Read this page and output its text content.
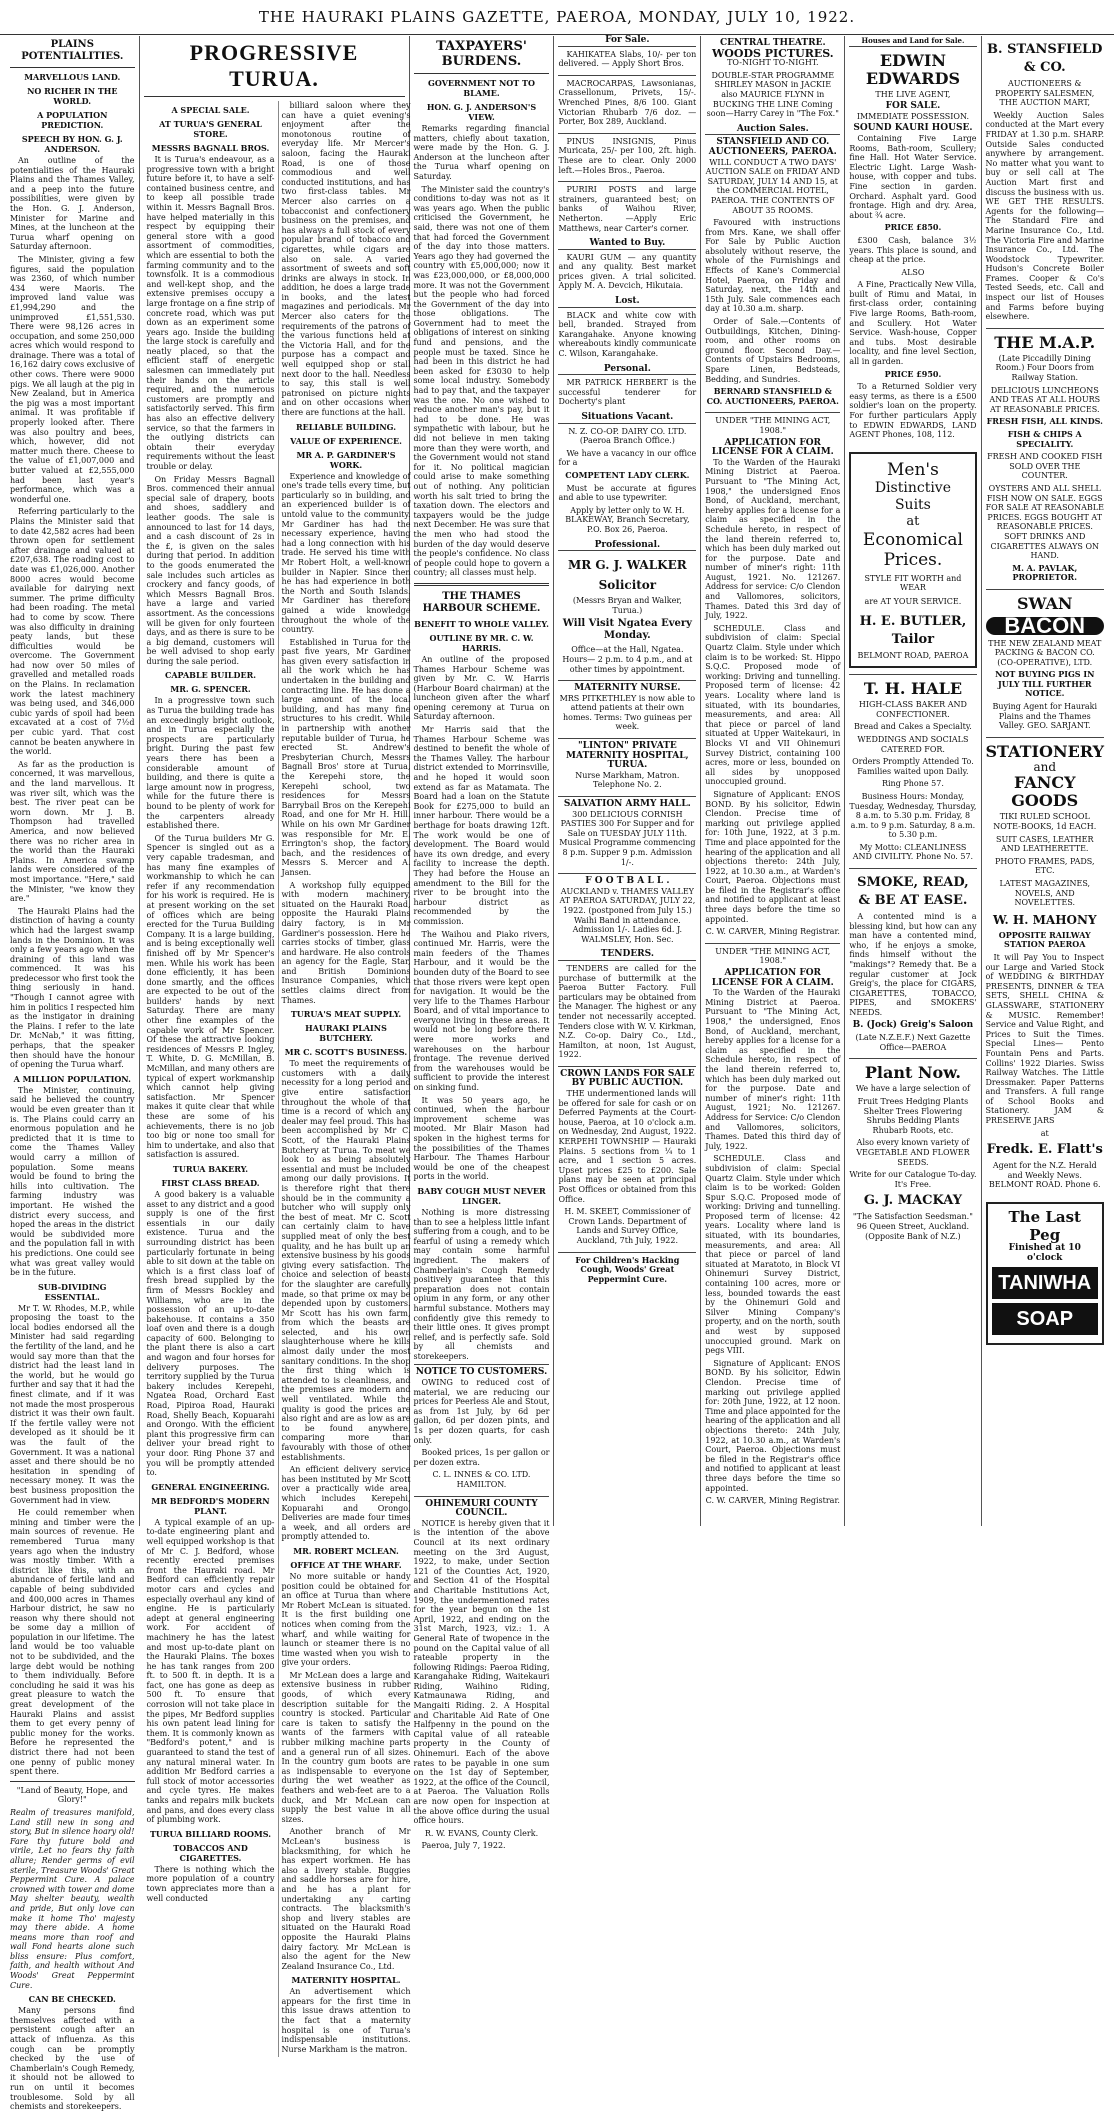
THE HAURAKI PLAINS GAZETTE, PAEROA, MONDAY, JULY 10, 1922.
PLAINS POTENTIALITIES.
MARVELLOUS LAND.
NO RICHER IN THE WORLD.
A POPULATION PREDICTION.
SPEECH BY HON. G. J. ANDERSON.

An outline of the potentialities of the Hauraki Plains and the Thames Valley, and a peep into the future possibilities, were given by the Hon. G. J. Anderson, Minister for Marine and Mines, at the luncheon at the Turua wharf opening on Saturday afternoon.

The Minister, giving a few figures, said the population was 2360, of which number 434 were Maoris. The improved land value was £1,994,290 and the unimproved £1,551,530. There were 98,126 acres in occupation, and some 250,000 acres which would respond to drainage. There was a total of 16,162 dairy cows exclusive of other cows. There were 9000 pigs. We all laugh at the pig in New Zealand, but in America the pig was a most important animal. It was profitable if properly looked after. There was also poultry and bees, which, however, did not matter much there. Cheese to the value of £1,007,000 and butter valued at £2,555,000 had been last year's performance, which was a wonderful one.

Referring particularly to the Plains the Minister said that to date 42,582 acres had been thrown open for settlement after drainage and valued at £207,638. The roading cost to date was £1,026,000. Another 8000 acres would become available for dairying next summer. The prime difficulty had been roading. The metal had to come by scow. There was also difficulty in draining peaty lands, but these difficulties would be overcome. The Government had now over 50 miles of gravelled and metalled roads on the Plains. In reclamation work the latest machinery was being used, and 346,000 cubic yards of spoil had been excavated at a cost of 7½d per cubic yard. That cost cannot be beaten anywhere in the world.

As far as the production is concerned, it was marvellous, and the land marvellous. It was river silt, which was the best. The river peat can be worn down. Mr J. B. Thompson had travelled America, and now believed there was no richer area in the world than the Hauraki Plains. In America swamp lands were considered of the most importance. "Here," said the Minister, "we know they are."

The Hauraki Plains had the distinction of having a county which had the largest swamp lands in the Dominion. It was only a few years ago when the draining of this land was commenced. It was his predecessor who first took the thing seriously in hand. "Though I cannot agree with him in politics I respected him as the instigator in draining the Plains. I refer to the late Dr. McNab," it was fitting, perhaps, that the speaker then should have the honour of opening the Turua wharf.

A MILLION POPULATION.

The Minister, continuing, said he believed the country would be even greater than it is. The Plains could carry an enormous population and he predicted that it is time to come the Thames Valley would carry a million of population. Some means would be found to bring the hills into cultivation. The farming industry was important. He wished the district every success, and hoped the areas in the district would be subdivided more and the population fall in with his predictions. One could see what was great valley would be in the future.

SUB-DIVIDING ESSENTIAL.

Mr T. W. Rhodes, M.P., while proposing the toast to the local bodies endorsed all the Minister had said regarding the fertility of the land, and he would say more than that the district had the least land in the world, but he would go further and say that it had the finest climate, and if it was not made the most prosperous district it was their own fault. If the fertile valley were not developed as it should be it was the fault of the Government. It was a national asset and there should be no hesitation in spending of necessary money. It was the best business proposition the Government had in view.

He could remember when mining and timber were the main sources of revenue. He remembered Turua many years ago when the industry was mostly timber. With a district like this, with an abundance of fertile land and capable of being subdivided and 400,000 acres in Thames Harbour district, he saw no reason why there should not be some day a million of population in our lifetime. The land would be too valuable not to be subdivided, and the large debt would be nothing to them individually. Before concluding he said it was his great pleasure to watch the great development of the Hauraki Plains and assist them to get every penny of public money for the works. Before he represented the district there had not been one penny of public money spent there.

"Land of Beauty, Hope, and Glory!"

Realm of treasures manifold, Land still new in song and story, But in silence hoary old! Fare thy future bold and virile, Let no fears thy faith allure; Render germs of evil sterile, Treasure Woods' Great Peppermint Cure. A palace crowned with tower and dome May shelter beauty, wealth and pride, But only love can make it home Tho' majesty may there abide. A home means more than roof and wall Fond hearts alone such bliss ensure: Plus comfort, faith, and health without And Woods' Great Peppermint Cure.

CAN BE CHECKED.

Many persons find themselves affected with a persistent cough after an attack of influenza. As this cough can be promptly checked by the use of Chamberlain's Cough Remedy, it should not be allowed to run on until it becomes troublesome. Sold by all chemists and storekeepers.

PROGRESSIVE TURUA.
A SPECIAL SALE.
AT TURUA'S GENERAL STORE.
MESSRS BAGNALL BROS.

It is Turua's endeavour, as a progressive town with a bright future before it, to have a self-contained business centre, and to keep all possible trade within it. Messrs Bagnall Bros. have helped materially in this respect by equipping their general store with a good assortment of commodities, which are essential to both the farming community and to the townsfolk. It is a commodious and well-kept shop, and the extensive premises occupy a large frontage on a fine strip of concrete road, which was put down as an experiment some years ago. Inside the building the large stock is carefully and neatly placed, so that the efficient staff of energetic salesmen can immediately put their hands on the article required, and the numerous customers are promptly and satisfactorily served. This firm has also an effective delivery service, so that the farmers in the outlying districts can obtain their everyday requirements without the least trouble or delay.

On Friday Messrs Bagnall Bros. commenced their annual special sale of drapery, boots and shoes, saddlery and leather goods. The sale is announced to last for 14 days, and a cash discount of 2s in the £, is given on the sales during that period. In addition to the goods enumerated the sale includes such articles as crockery and fancy goods, of which Messrs Bagnall Bros. have a large and varied assortment. As the concessions will be given for only fourteen days, and as there is sure to be a big demand, customers will be well advised to shop early during the sale period.

CAPABLE BUILDER.
MR. G. SPENCER.

In a progressive town such as Turua the building trade has an exceedingly bright outlook, and in Turua especially the prospects are particularly bright. During the past few years there has been a considerable amount of building, and there is quite a large amount now in progress, while for the future there is bound to be plenty of work for the carpenters already established there.

Of the Turua builders Mr G. Spencer is singled out as a very capable tradesman, and has many fine examples of workmanship to which he can refer if any recommendation for his work is required. He is at present working on the set of offices which are being erected for the Turua Building Company. It is a large building, and is being exceptionally well finished off by Mr Spencer's men. While his work has been done efficiently, it has been done smartly, and the offices are expected to be out of the builders' hands by next Saturday. There are many other fine examples of the capable work of Mr Spencer. Of these the attractive looking residences of Messrs P. Ingley, T. White, D. G. McMillan, B. McMillan, and many others are typical of expert workmanship which cannot help giving satisfaction. Mr Spencer makes it quite clear that while these are some of his achievements, there is no job too big or none too small for him to undertake, and also that satisfaction is assured.

TURUA BAKERY.
FIRST CLASS BREAD.

A good bakery is a valuable asset to any district and a good supply is one of the first essentials in our daily existence. Turua and the surrounding district has been particularly fortunate in being able to sit down at the table on which is a first class loaf of fresh bread supplied by the firm of Messrs Bockley and Williams, who are in the possession of an up-to-date bakehouse. It contains a 350 loaf oven and there is a dough capacity of 600. Belonging to the plant there is also a cart and wagon and four horses for delivery purposes. The territory supplied by the Turua bakery includes Kerepehi, Ngatea Road, Orchard East Road, Pipiroa Road, Hauraki Road, Shelly Beach, Kopuarahi and Orongo. With the efficient plant this progressive firm can deliver your bread right to your door. Ring Phone 37 and you will be promptly attended to.

GENERAL ENGINEERING.
MR BEDFORD'S MODERN PLANT.

A typical example of an up-to-date engineering plant and well equipped workshop is that of Mr C. J. Bedford, whose recently erected premises front the Hauraki road. Mr Bedford can efficiently repair motor cars and cycles and especially overhaul any kind of engine. He is particularly adept at general engineering work. For accident of machinery he has the latest and most up-to-date plant on the Hauraki Plains. The boxes he has tank ranges from 200 ft. to 500 ft. in depth. It is a fact, one has gone as deep as 500 ft. To ensure that corrosion will not take place in the pipes, Mr Bedford supplies his own patent lead lining for them. It is commonly known as "Bedford's potent," and is guaranteed to stand the test of any natural mineral water. In addition Mr Bedford carries a full stock of motor accessories and cycle tyres. He makes tanks and repairs milk buckets and pans, and does every class of plumbing work.

TURUA BILLIARD ROOMS.
TOBACCOS AND CIGARETTES.

There is nothing which the more population of a country town appreciates more than a well conducted

billiard saloon where they can have a quiet evening's enjoyment after the monotonous routine of everyday life. Mr Mercer's saloon, facing the Hauraki Road, is one of those commodious and well conducted institutions, and has two first-class tables. Mr Mercer also carries on a tobacconist and confectionery business on the premises, and has always a full stock of every popular brand of tobacco and cigarettes, while cigars are also on sale. A varied assortment of sweets and soft drinks are always in stock. In addition, he does a large trade in books, and the latest magazines and periodicals. Mr Mercer also caters for the requirements of the patrons of the various functions held at the Victoria Hall, and for the purpose has a compact and well equipped shop or stall next door to the hall. Needless to say, this stall is well patronised on picture nights and on other occasions when there are functions at the hall.

RELIABLE BUILDING.
VALUE OF EXPERIENCE.
MR A. P. GARDINER'S WORK.

Experience and knowledge of one's trade tells every time, but particularly so in building, and an experienced builder is of untold value to the community. Mr Gardiner has had the necessary experience, having had a long connection with his trade. He served his time with Mr Robert Holt, a well-known builder in Napier. Since then he has had experience in both the North and South Islands. Mr Gardiner has therefore gained a wide knowledge throughout the whole of the country.

Established in Turua for the past five years, Mr Gardiner has given every satisfaction in all the work which he has undertaken in the building and contracting line. He has done a large amount of the local building, and has many fine structures to his credit. While in partnership with another reputable builder of Turua, he erected St. Andrew's Presbyterian Church, Messrs Bagnall Bros' store at Turua, the Kerepehi store, the Kerepehi school, two residences for Messrs Barrybail Bros on the Kerepehi Road, and one for Mr H. Hill. While on his own Mr Gardiner was responsible for Mr. E. Errington's shop, the factory bach, and the residences of Messrs S. Mercer and A. Jansen.

A workshop fully equipped with modern machinery, situated on the Hauraki Road, opposite the Hauraki Plains dairy factory, is in Mr Gardiner's possession. Here he carries stocks of timber, glass and hardware. He also controls an agency for the Eagle, Star, and British Dominions Insurance Companies, which settles claims direct from Thames.

TURUA'S MEAT SUPPLY.
HAURAKI PLAINS BUTCHERY.
MR C. SCOTT'S BUSINESS.

To meet the requirements of customers with a daily necessity for a long period and give entire satisfaction throughout the whole of that time is a record of which any dealer may feel proud. This has been accomplished by Mr C. Scott, of the Hauraki Plains Butchery at Turua. To meat we look to as being absolutely essential and must be included among our daily provisions. It is therefore right that there should be in the community a butcher who will supply only the best of meat. Mr C. Scott can certainly claim to have supplied meat of only the best quality, and he has built up an extensive business by his goods giving every satisfaction. The choice and selection of beasts for the slaughter are carefully made, so that prime ox may be depended upon by customers. Mr Scott has his own farm, from which the beasts are selected, and his own slaughterhouse where he kills almost daily under the most sanitary conditions. In the shop the first thing which is attended to is cleanliness, and the premises are modern and well ventilated. While the quality is good the prices are also right and are as low as are to be found anywhere, comparing more than favourably with those of other establishments.

An efficient delivery service has been instituted by Mr Scott over a practically wide area, which includes Kerepehi, Kopuarahi and Orongo. Deliveries are made four times a week, and all orders are promptly attended to.

MR. ROBERT MCLEAN.
OFFICE AT THE WHARF.

No more suitable or handy position could be obtained for an office at Turua than where Mr Robert McLean is situated. It is the first building one notices when coming from the wharf, and while waiting for launch or steamer there is no time wasted when you wish to give your orders.

Mr McLean does a large and extensive business in rubber goods, of which every description suitable for the country is stocked. Particular care is taken to satisfy the wants of the farmers with rubber milking machine parts and a general run of all sizes. In the country gum boots are as indispensable to everyone during the wet weather as feathers and web-feet are to a duck, and Mr McLean can supply the best value in all sizes.

Another branch of Mr McLean's business is blacksmithing, for which he has expert workmen. He has also a livery stable. Buggies and saddle horses are for hire, and he has a plant for undertaking any carting contracts. The blacksmith's shop and livery stables are situated on the Hauraki Road opposite the Hauraki Plains dairy factory. Mr McLean is also the agent for the New Zealand Insurance Co., Ltd.

MATERNITY HOSPITAL.

An advertisement which appears for the first time in this issue draws attention to the fact that a maternity hospital is one of Turua's indispensable institutions. Nurse Markham is the matron.

TAXPAYERS' BURDENS.
GOVERNMENT NOT TO BLAME.
HON. G. J. ANDERSON'S VIEW.

Remarks regarding financial matters, chiefly about taxation, were made by the Hon. G. J. Anderson at the luncheon after the Turua wharf opening on Saturday.

The Minister said the country's conditions to-day was not as it was years ago. When the public criticised the Government, he said, there was not one of them that had forced the Government of the day into those matters. Years ago they had governed the country with £5,000,000; now it was £23,000,000, or £8,000,000 more. It was not the Government but the people who had forced the Government of the day into those obligations. The Government had to meet the obligations of interest on sinking fund and pensions, and the people must be taxed. Since he had been in this district he had been asked for £3030 to help some local industry. Somebody had to pay that, and the taxpayer was the one. No one wished to reduce another man's pay, but it had to be done. He was sympathetic with labour, but he did not believe in men taking more than they were worth, and the Government would not stand for it. No political magician could arise to make something out of nothing. Any politician worth his salt tried to bring the taxation down. The electors and taxpayers would be the judge next December. He was sure that the men who had stood the burden of the day would deserve the people's confidence. No class of people could hope to govern a country; all classes must help.

THE THAMES HARBOUR SCHEME.
BENEFIT TO WHOLE VALLEY.
OUTLINE BY MR. C. W. HARRIS.

An outline of the proposed Thames Harbour Scheme was given by Mr. C. W. Harris (Harbour Board chairman) at the luncheon given after the wharf opening ceremony at Turua on Saturday afternoon.

Mr Harris said that the Thames Harbour Scheme was destined to benefit the whole of the Thames Valley. The harbour district extended to Morrinsville, and he hoped it would soon extend as far as Matamata. The Board had a loan on the Statute Book for £275,000 to build an inner harbour. There would be a berthage for boats drawing 12ft. The work would be one of development. The Board would have its own dredge, and every facility to increase the depth. They had before the House an amendment to the Bill for the river to be brought into the harbour district as recommended by the commission.

The Waihou and Piako rivers, continued Mr. Harris, were the main feeders of the Thames Harbour, and it would be the bounden duty of the Board to see that those rivers were kept open for navigation. It would be the very life to the Thames Harbour Board, and of vital importance to everyone living in these areas. It would not be long before there were more works and warehouses on the harbour frontage. The revenue derived from the warehouses would be sufficient to provide the interest on sinking fund.

It was 50 years ago, he continued, when the harbour improvement scheme was mooted. Mr Blair Mason had spoken in the highest terms for the possibilities of the Thames Harbour. The Thames Harbour would be one of the cheapest ports in the world.

BABY COUGH MUST NEVER LINGER.

Nothing is more distressing than to see a helpless little infant suffering from a cough, and to be fearful of using a remedy which may contain some harmful ingredient. The makers of Chamberlain's Cough Remedy positively guarantee that this preparation does not contain opium in any form, or any other harmful substance. Mothers may confidently give this remedy to their little ones. It gives prompt relief, and is perfectly safe. Sold by all chemists and storekeepers.

NOTICE TO CUSTOMERS.

OWING to reduced cost of material, we are reducing our prices for Peerless Ale and Stout, as from 1st July, by 6d per gallon, 6d per dozen pints, and 1s per dozen quarts, for cash only.

Booked prices, 1s per gallon or per dozen extra.

C. L. INNES & CO. LTD. HAMILTON.

OHINEMURI COUNTY COUNCIL.

NOTICE is hereby given that it is the intention of the above Council at its next ordinary meeting on the 3rd August, 1922, to make, under Section 121 of the Counties Act, 1920, and Section 41 of the Hospital and Charitable Institutions Act, 1909, the undermentioned rates for the year begun on the 1st April, 1922, and ending on the 31st March, 1923, viz.: 1. A General Rate of twopence in the pound on the Capital value of all rateable property in the following Ridings: Paeroa Riding, Karangahake Riding, Waitekauri Riding, Waihino Riding, Katmaunawa Riding, and Mangaiti Riding. 2. A Hospital and Charitable Aid Rate of One Halfpenny in the pound on the Capital value of all rateable property in the County of Ohinemuri. Each of the above rates to be payable in one sum on the 1st day of September, 1922, at the office of the Council, at Paeroa. The Valuation Rolls are now open for inspection at the above office during the usual office hours.

R. W. EVANS, County Clerk.

Paeroa, July 7, 1922.

For Sale.

KAHIKATEA Slabs, 10/- per ton delivered. — Apply Short Bros.

MACROCARPAS, Lawsonianas, Crassellonum, Privets, 15/-. Wrenched Pines, 8/6 100. Giant Victorian Rhubarb 7/6 doz. —Porter, Box 289, Auckland.

PINUS INSIGNIS, Pinus Muricata, 25/- per 100, 2ft. high. These are to clear. Only 2000 left.—Holes Bros., Paeroa.

PURIRI POSTS and large strainers, guaranteed best; on banks of Waihou River, Netherton. —Apply Eric Matthews, near Carter's corner.

Wanted to Buy.

KAURI GUM — any quantity and any quality. Best market prices given. A trial solicited. Apply M. A. Devcich, Hikutaia.

Lost.

BLACK and white cow with bell, branded. Strayed from Karangahake. Anyone knowing whereabouts kindly communicate C. Wilson, Karangahake.

Personal.

MR PATRICK HERBERT is the successful tenderer for Docherty's plant

Situations Vacant.

N. Z. CO-OP. DAIRY CO. LTD. (Paeroa Branch Office.)

We have a vacancy in our office for a

COMPETENT LADY CLERK.

Must be accurate at figures and able to use typewriter.

Apply by letter only to W. H. BLAKEWAY, Branch Secretary, P.O. Box 26, Paeroa.

Professional.
MR G. J. WALKER
Solicitor

(Messrs Bryan and Walker, Turua.)

Will Visit Ngatea Every Monday.

Office—at the Hall, Ngatea. Hours— 2 p.m. to 4 p.m., and at other times by appointment.

MATERNITY NURSE.

MRS PITKETHLEY is now able to attend patients at their own homes. Terms: Two guineas per week.

"LINTON" PRIVATE MATERNITY HOSPITAL, TURUA.

Nurse Markham, Matron. Telephone No. 2.

SALVATION ARMY HALL.

300 DELICIOUS CORNISH PASTIES 300 For Supper and for Sale on TUESDAY JULY 11th. Musical Programme commencing 8 p.m. Supper 9 p.m. Admission 1/-.

F O O T B A L L .

AUCKLAND v. THAMES VALLEY AT PAEROA SATURDAY, JULY 22, 1922. (postponed from July 15.) Waihi Band in attendance. Admission 1/-. Ladies 6d. J. WALMSLEY, Hon. Sec.

TENDERS.

TENDERS are called for the purchase of buttermilk at the Paeroa Butter Factory. Full particulars may be obtained from the Manager. The highest or any tender not necessarily accepted. Tenders close with W. V. Kirkman, N.Z. Co-op. Dairy Co., Ltd., Hamilton, at noon, 1st August, 1922.

CROWN LANDS FOR SALE BY PUBLIC AUCTION.

THE undermentioned lands will be offered for sale for cash or on Deferred Payments at the Court-house, Paeroa, at 10 o'clock a.m. on Wednesday, 2nd August, 1922. KERPEHI TOWNSHIP — Hauraki Plains. 5 sections from ¼ to 1 acre, and 1 section 5 acres. Upset prices £25 to £200. Sale plans may be seen at principal Post Offices or obtained from this Office.

H. M. SKEET, Commissioner of Crown Lands. Department of Lands and Survey Office, Auckland, 7th July, 1922.

For Children's Hacking Cough, Woods' Great Peppermint Cure.

CENTRAL THEATRE.
WOODS PICTURES.

TO-NIGHT TO-NIGHT.

DOUBLE-STAR PROGRAMME SHIRLEY MASON in JACKIE also MAURICE FLYNN in BUCKING THE LINE Coming soon—Harry Carey in "The Fox."

Auction Sales.
STANSFIELD AND CO. AUCTIONEERS, PAEROA.

WILL CONDUCT A TWO DAYS' AUCTION SALE on FRIDAY AND SATURDAY, JULY 14 AND 15, at the COMMERCIAL HOTEL, PAEROA. THE CONTENTS OF ABOUT 35 ROOMS.

Favoured with instructions from Mrs. Kane, we shall offer For Sale by Public Auction absolutely without reserve, the whole of the Furnishings and Effects of Kane's Commercial Hotel, Paeroa, on Friday and Saturday, next, the 14th and 15th July. Sale commences each day at 10.30 a.m. sharp.

Order of Sale.—Contents of Outbuildings, Kitchen, Dining-room, and other rooms on ground floor. Second Day.—Contents of Upstairs Bedrooms, Spare Linen, Bedsteads, Bedding, and Sundries.

BERNARD STANSFIELD & CO. AUCTIONEERS, PAEROA.

UNDER "THE MINING ACT, 1908."

APPLICATION FOR LICENSE FOR A CLAIM.

To the Warden of the Hauraki Mining District at Paeroa. Pursuant to "The Mining Act, 1908," the undersigned Enos Bond, of Auckland, merchant, hereby applies for a license for a claim as specified in the Schedule hereto, in respect of the land therein referred to, which has been duly marked out for the purpose. Date and number of miner's right: 11th August, 1921. No. 121267. Address for service: C/o Clendon and Vallomores, solicitors, Thames. Dated this 3rd day of July, 1922.

SCHEDULE. Class and subdivision of claim: Special Quartz Claim. Style under which claim is to be worked: St. Hippo S.Q.C. Proposed mode of working: Driving and tunnelling. Proposed term of license: 42 years. Locality where land is situated, with its boundaries, measurements, and area: All that piece or parcel of land situated at Upper Waitekauri, in Blocks VI and VII Ohinemuri Survey District, containing 100 acres, more or less, bounded on all sides by unopposed unoccupied ground.

Signature of Applicant: ENOS BOND. By his solicitor, Edwin Clendon. Precise time of marking out privilege applied for: 10th June, 1922, at 3 p.m. Time and place appointed for the hearing of the application and all objections thereto: 24th July, 1922, at 10.30 a.m., at Warden's Court, Paeroa. Objections must be filed in the Registrar's office and notified to applicant at least three days before the time so appointed.

C. W. CARVER, Mining Registrar.

UNDER "THE MINING ACT, 1908."

APPLICATION FOR LICENSE FOR A CLAIM.

To the Warden of the Hauraki Mining District at Paeroa. Pursuant to "The Mining Act, 1908," the undersigned, Enos Bond, of Auckland, merchant, hereby applies for a license for a claim as specified in the Schedule hereto, in respect of the land therein referred to, which has been duly marked out for the purpose. Date and number of miner's right: 11th August, 1921; No. 121267. Address for Service: C/o Clendon and Vallomores, solicitors, Thames. Dated this third day of July, 1922.

SCHEDULE. Class and subdivision of claim: Special Quartz Claim. Style under which claim is to be worked: Golden Spur S.Q.C. Proposed mode of working: Driving and tunnelling. Proposed term of license: 42 years. Locality where land is situated, with its boundaries, measurements, and area: All that piece or parcel of land situated at Maratoto, in Block VI Ohinemuri Survey District, containing 100 acres, more or less, bounded towards the east by the Ohinemuri Gold and Silver Mining Company's property, and on the north, south and west by supposed unoccupied ground. Mark on pegs VIII.

Signature of Applicant: ENOS BOND. By his solicitor, Edwin Clendon. Precise time of marking out privilege applied for: 20th June, 1922, at 12 noon. Time and place appointed for the hearing of the application and all objections thereto: 24th July, 1922, at 10.30 a.m., at Warden's Court, Paeroa. Objections must be filed in the Registrar's office and notified to applicant at least three days before the time so appointed.

C. W. CARVER, Mining Registrar.

Houses and Land for Sale.
EDWIN EDWARDS

THE LIVE AGENT,

FOR SALE.

IMMEDIATE POSSESSION.

SOUND KAURI HOUSE.

Containing Five Large Rooms, Bath-room, Scullery; fine Hall. Hot Water Service. Electric Light. Large Wash-house, with copper and tubs. Fine section in garden. Orchard. Asphalt yard. Good frontage. High and dry. Area, about ¾ acre.

PRICE £850.

£300 Cash, balance 3½ years. This place is sound, and cheap at the price.

ALSO

A Fine, Practically New Villa, built of Rimu and Matai, in first-class order, containing Five large Rooms, Bath-room, and Scullery. Hot Water Service. Wash-house, Copper and tubs. Most desirable locality, and fine level Section, all in garden.

PRICE £950.

To a Returned Soldier very easy terms, as there is a £500 soldier's loan on the property. For further particulars Apply to EDWIN EDWARDS, LAND AGENT Phones, 108, 112.

Men's
Distinctive Suits
at
Economical
Prices.
STYLE FIT WORTH and WEAR
are AT YOUR SERVICE.
H. E. BUTLER, Tailor
BELMONT ROAD, PAEROA
T. H. HALE

HIGH-CLASS BAKER AND CONFECTIONER.

Bread and Cakes a Specialty.

WEDDINGS AND SOCIALS CATERED FOR.

Orders Promptly Attended To. Families waited upon Daily.

Ring Phone 57.

Business Hours: Monday, Tuesday, Wednesday, Thursday, 8 a.m. to 5.30 p.m. Friday, 8 a.m. to 9 p.m. Saturday, 8 a.m. to 5.30 p.m.

My Motto: CLEANLINESS AND CIVILITY. Phone No. 57.

SMOKE, READ, & BE AT EASE.

A contented mind is a blessing kind, but how can any man have a contented mind, who, if he enjoys a smoke, finds himself without the "makings"? Remedy that. Be a regular customer at Jock Greig's, the place for CIGARS, CIGARETTES, TOBACCO, PIPES, and SMOKERS' NEEDS.

B. (Jock) Greig's Saloon

(Late N.Z.E.F.) Next Gazette Office—PAEROA

Plant Now.

We have a large selection of

Fruit Trees Hedging Plants Shelter Trees Flowering Shrubs Bedding Plants Rhubarb Roots, etc.

Also every known variety of VEGETABLE AND FLOWER SEEDS.

Write for our Catalogue To-day. It's Free.

G. J. MACKAY

"The Satisfaction Seedsman." 96 Queen Street, Auckland. (Opposite Bank of N.Z.)

B. STANSFIELD & CO.

AUCTIONEERS & PROPERTY SALESMEN, THE AUCTION MART,

Weekly Auction Sales conducted at the Mart every FRIDAY at 1.30 p.m. SHARP. Outside Sales conducted anywhere by arrangement. No matter what you want to buy or sell call at The Auction Mart first and discuss the business with us. WE GET THE RESULTS. Agents for the following— The Standard Fire and Marine Insurance Co., Ltd. The Victoria Fire and Marine Insurance Co., Ltd. The Woodstock Typewriter. Hudson's Concrete Boiler Frames. Cooper & Co's Tested Seeds, etc. Call and inspect our list of Houses and Farms before buying elsewhere.

THE M.A.P.

(Late Piccadilly Dining Room.) Four Doors from Railway Station.

DELICIOUS LUNCHEONS AND TEAS AT ALL HOURS AT REASONABLE PRICES.

FRESH FISH, ALL KINDS.

FISH & CHIPS A SPECIALITY.

FRESH AND COOKED FISH SOLD OVER THE COUNTER.

OYSTERS AND ALL SHELL FISH NOW ON SALE. EGGS FOR SALE AT REASONABLE PRICES. EGGS BOUGHT AT REASONABLE PRICES. SOFT DRINKS AND CIGARETTES ALWAYS ON HAND.

M. A. PAVLAK, PROPRIETOR.

SWAN
BACON

THE NEW ZEALAND MEAT PACKING & BACON CO. (CO-OPERATIVE), LTD.

NOT BUYING PIGS IN JULY TILL FURTHER NOTICE.

Buying Agent for Hauraki Plains and the Thames Valley. GEO. SARJANT.

STATIONERY
and
FANCY GOODS

TIKI RULED SCHOOL NOTE-BOOKS, 1d EACH.

SUIT CASES, LEATHER AND LEATHERETTE.

PHOTO FRAMES, PADS, ETC.

LATEST MAGAZINES, NOVELS, AND NOVELETTES.

W. H. MAHONY

OPPOSITE RAILWAY STATION PAEROA

It will Pay You to Inspect our Large and Varied Stock of WEDDING & BIRTHDAY PRESENTS, DINNER & TEA SETS, SHELL CHINA & GLASSWARE, STATIONERY & MUSIC. Remember! Service and Value Right, and Prices to Suit the Times. Special Lines— Pento Fountain Pens and Parts. Collins' 1922 Diaries. Swiss Railway Watches. The Little Dressmaker. Paper Patterns and Transfers. A full range of School Books and Stationery. JAM & PRESERVE JARS

at

Fredk. E. Flatt's

Agent for the N.Z. Herald and Weekly News. BELMONT ROAD. Phone 6.

The Last Peg
Finished at 10 o'clock
TANIWHA
SOAP
